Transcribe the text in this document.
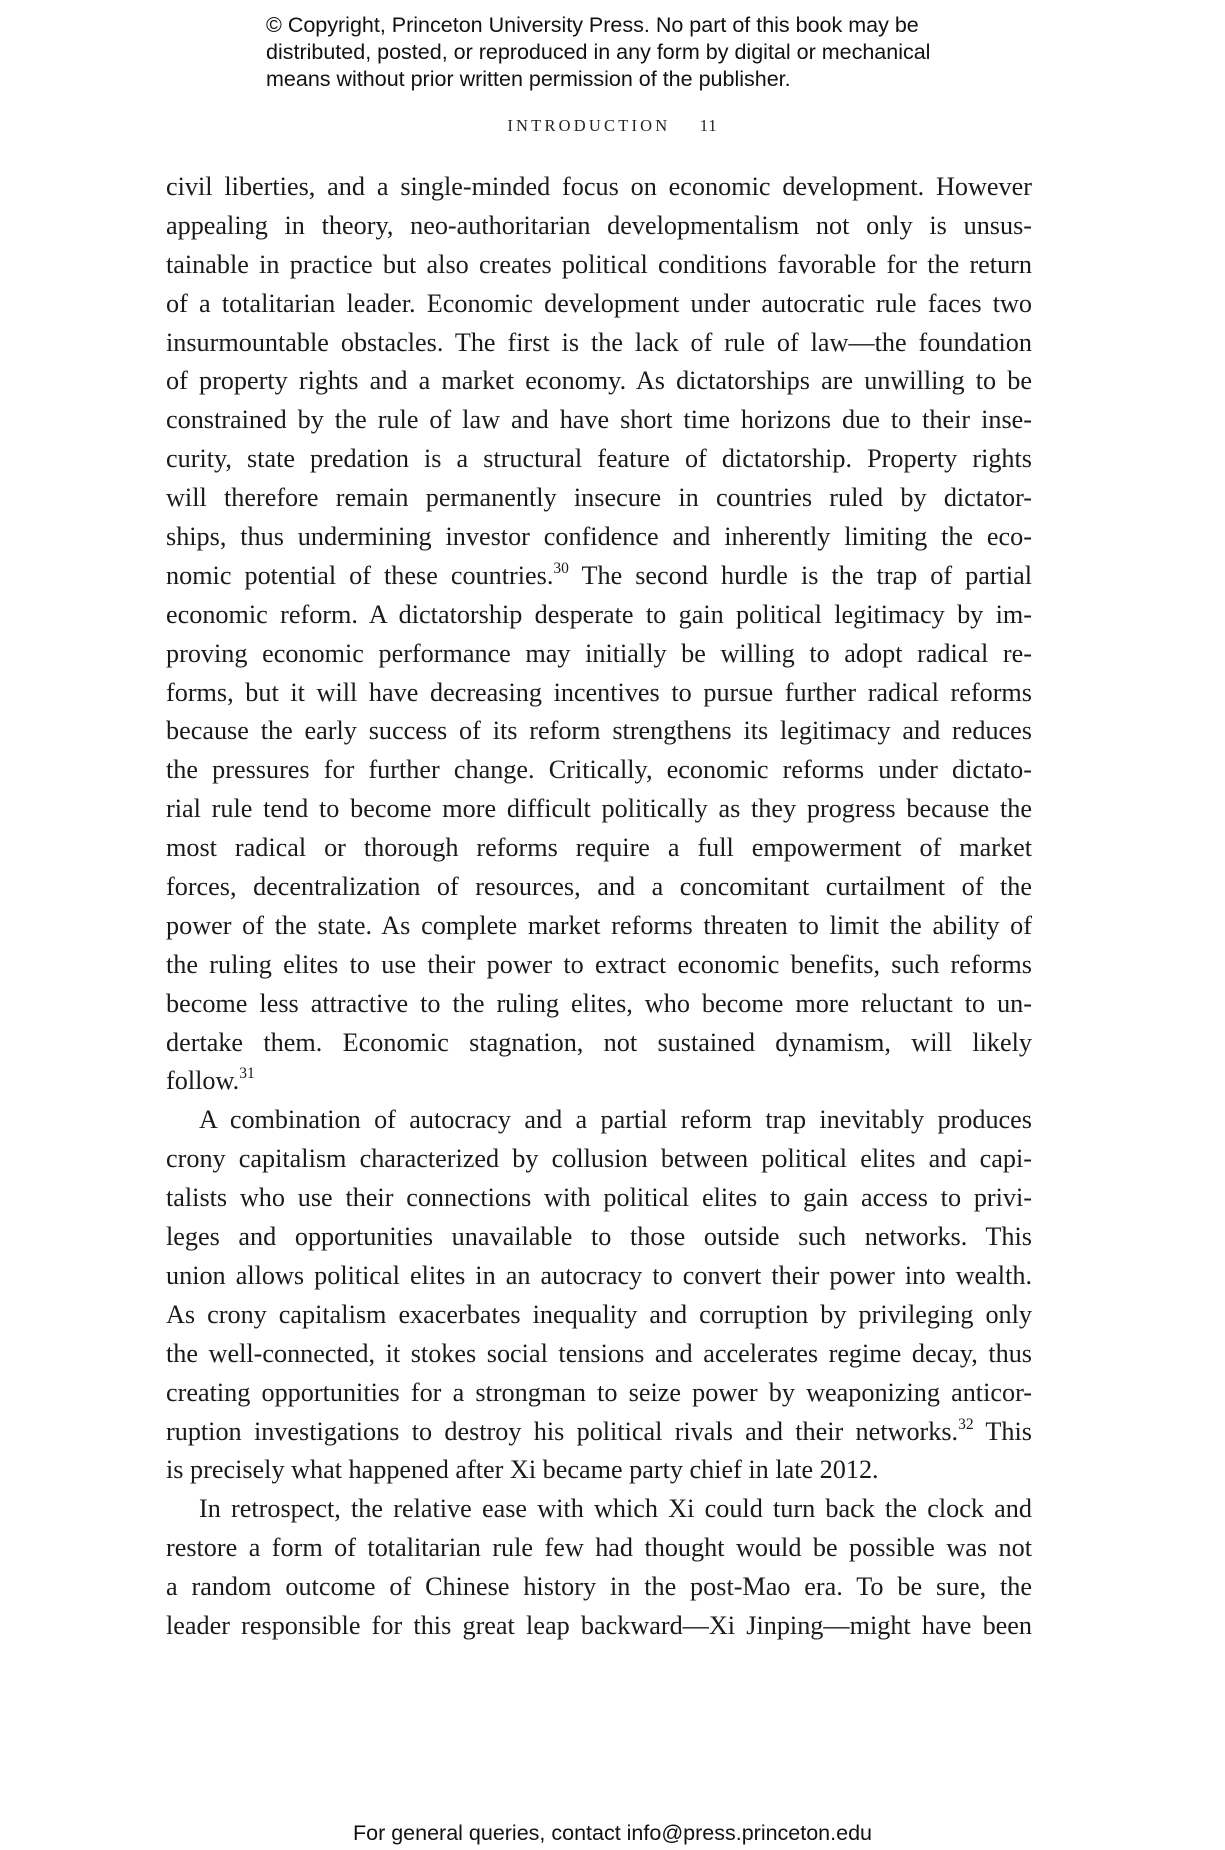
© Copyright, Princeton University Press. No part of this book may be
distributed, posted, or reproduced in any form by digital or mechanical
means without prior written permission of the publisher.
INTRODUCTION 11
civil liberties, and a single-minded focus on economic development. However
appealing in theory, neo-authoritarian developmentalism not only is unsus-
tainable in practice but also creates political conditions favorable for the return
of a totalitarian leader. Economic development under autocratic rule faces two
insurmountable obstacles. The first is the lack of rule of law—the foundation
of property rights and a market economy. As dictatorships are unwilling to be
constrained by the rule of law and have short time horizons due to their inse-
curity, state predation is a structural feature of dictatorship. Property rights
will therefore remain permanently insecure in countries ruled by dictator-
ships, thus undermining investor confidence and inherently limiting the eco-
nomic potential of these countries.$^{30}$ The second hurdle is the trap of partial
economic reform. A dictatorship desperate to gain political legitimacy by im-
proving economic performance may initially be willing to adopt radical re-
forms, but it will have decreasing incentives to pursue further radical reforms
because the early success of its reform strengthens its legitimacy and reduces
the pressures for further change. Critically, economic reforms under dictato-
rial rule tend to become more difficult politically as they progress because the
most radical or thorough reforms require a full empowerment of market
forces, decentralization of resources, and a concomitant curtailment of the
power of the state. As complete market reforms threaten to limit the ability of
the ruling elites to use their power to extract economic benefits, such reforms
become less attractive to the ruling elites, who become more reluctant to un-
dertake them. Economic stagnation, not sustained dynamism, will likely
follow.$^{31}$
A combination of autocracy and a partial reform trap inevitably produces
crony capitalism characterized by collusion between political elites and capi-
talists who use their connections with political elites to gain access to privi-
leges and opportunities unavailable to those outside such networks. This
union allows political elites in an autocracy to convert their power into wealth.
As crony capitalism exacerbates inequality and corruption by privileging only
the well-connected, it stokes social tensions and accelerates regime decay, thus
creating opportunities for a strongman to seize power by weaponizing anticor-
ruption investigations to destroy his political rivals and their networks.$^{32}$ This
is precisely what happened after Xi became party chief in late 2012.
In retrospect, the relative ease with which Xi could turn back the clock and
restore a form of totalitarian rule few had thought would be possible was not
a random outcome of Chinese history in the post-Mao era. To be sure, the
leader responsible for this great leap backward—Xi Jinping—might have been
For general queries, contact info@press.princeton.edu
